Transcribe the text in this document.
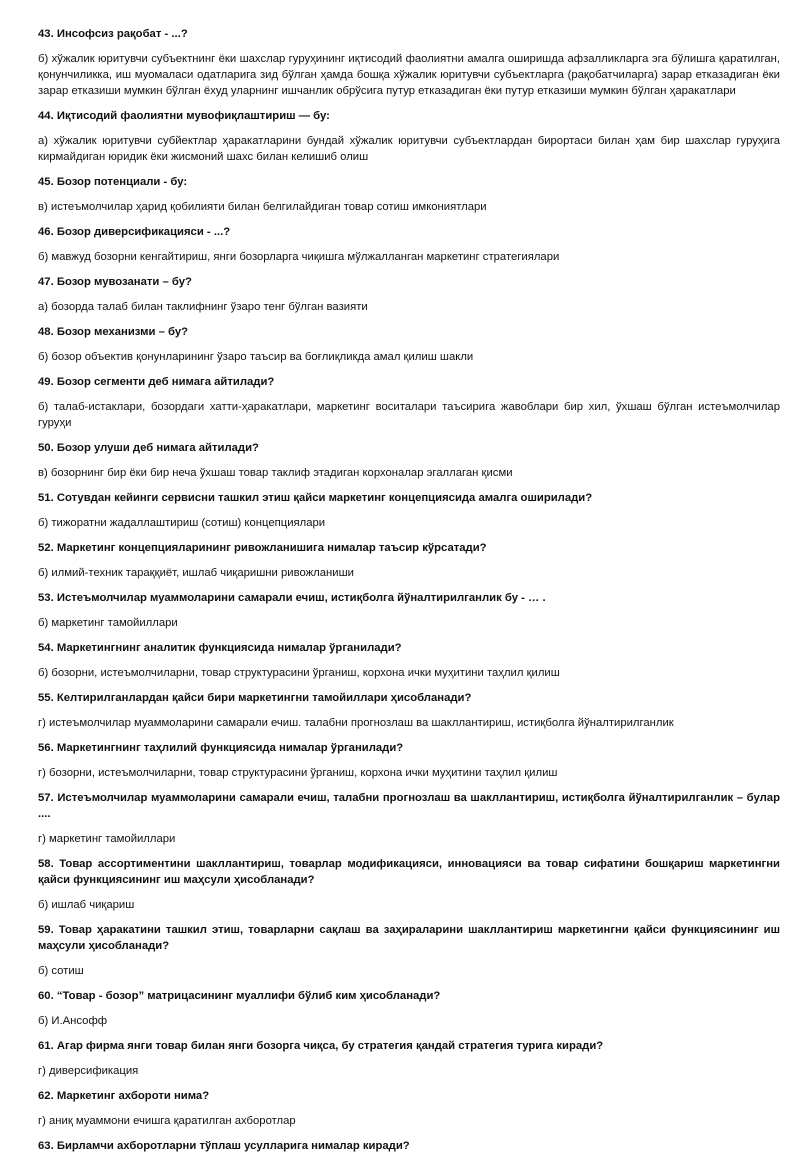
43. Инсофсиз рақобат - ...?

б) хўжалик юритувчи субъектнинг ёки шахслар гуруҳининг иқтисодий фаолиятни амалга оширишда афзалликларга эга бўлишга қаратилган, қонунчиликка, иш муомаласи одатларига зид бўлган ҳамда бошқа хўжалик юритувчи субъектларга (рақобатчиларга) зарар етказадиган ёки зарар етказиши мумкин бўлган ёхуд уларнинг ишчанлик обрўсига путур етказадиган ёки путур етказиши мумкин бўлган ҳаракатлари

44. Иқтисодий фаолиятни мувофиқлаштириш — бу:

а) хўжалик юритувчи субйектлар ҳаракатларини бундай хўжалик юритувчи субъектлардан бирортаси билан ҳам бир шахслар гуруҳига кирмайдиган юридик ёки жисмоний шахс билан келишиб олиш

45. Бозор потенциали - бу:

в) истеъмолчилар ҳарид қобилияти билан белгилайдиган товар сотиш имкониятлари

46. Бозор диверсификацияси - ...?

б) мавжуд бозорни кенгайтириш, янги бозорларга чиқишга мўлжалланган маркетинг стратегиялари

47. Бозор мувозанати – бу?

а) бозорда талаб билан таклифнинг ўзаро тенг бўлган вазияти

48. Бозор механизми – бу?

б) бозор объектив қонунларининг ўзаро таъсир ва боғлиқликда амал қилиш шакли

49. Бозор сегменти деб нимага айтилади?

б) талаб-истаклари, бозордаги хатти-ҳаракатлари, маркетинг воситалари таъсирига жавоблари бир хил, ўхшаш бўлган истеъмолчилар гуруҳи

50. Бозор улуши деб нимага айтилади?

в) бозорнинг бир ёки бир неча ўхшаш товар таклиф этадиган корхоналар эгаллаган қисми

51. Сотувдан кейинги сервисни ташкил этиш қайси маркетинг концепциясида амалга оширилади?

б) тижоратни жадаллаштириш (сотиш) концепциялари

52. Маркетинг концепцияларининг ривожланишига нималар таъсир кўрсатади?

б) илмий-техник тараққиёт, ишлаб чиқаришни ривожланиши

53. Истеъмолчилар муаммоларини самарали ечиш, истиқболга йўналтирилганлик бу - … .

б) маркетинг тамойиллари

54. Маркетингнинг аналитик функциясида нималар ўрганилади?

б) бозорни, истеъмолчиларни, товар структурасини ўрганиш, корхона ички муҳитини таҳлил қилиш

55. Келтирилганлардан қайси бири маркетингни тамойиллари ҳисобланади?

г) истеъмолчилар муаммоларини самарали ечиш. талабни прогнозлаш ва шакллантириш, истиқболга йўналтирилганлик

56. Маркетингнинг таҳлилий функциясида нималар ўрганилади?

г) бозорни, истеъмолчиларни, товар структурасини ўрганиш, корхона ички муҳитини таҳлил қилиш

57. Истеъмолчилар муаммоларини самарали ечиш, талабни прогнозлаш ва шакллантириш, истиқболга йўналтирилганлик – булар ....

г) маркетинг тамойиллари

58. Товар ассортиментини шакллантириш, товарлар модификацияси, инновацияси ва товар сифатини бошқариш маркетингни қайси функциясининг иш маҳсули ҳисобланади?

б) ишлаб чиқариш

59. Товар ҳаракатини ташкил этиш, товарларни сақлаш ва заҳираларини шакллантириш маркетингни қайси функциясининг иш маҳсули ҳисобланади?

б) сотиш

60. “Товар - бозор” матрицасининг муаллифи бўлиб ким ҳисобланади?

б) И.Ансофф

61. Агар фирма янги товар билан янги бозорга чиқса, бу стратегия қандай стратегия турига киради?

г) диверсификация

62. Маркетинг ахбороти нима?

г) аниқ муаммони ечишга қаратилган ахборотлар

63. Бирламчи ахборотларни тўплаш усулларига нималар киради?
